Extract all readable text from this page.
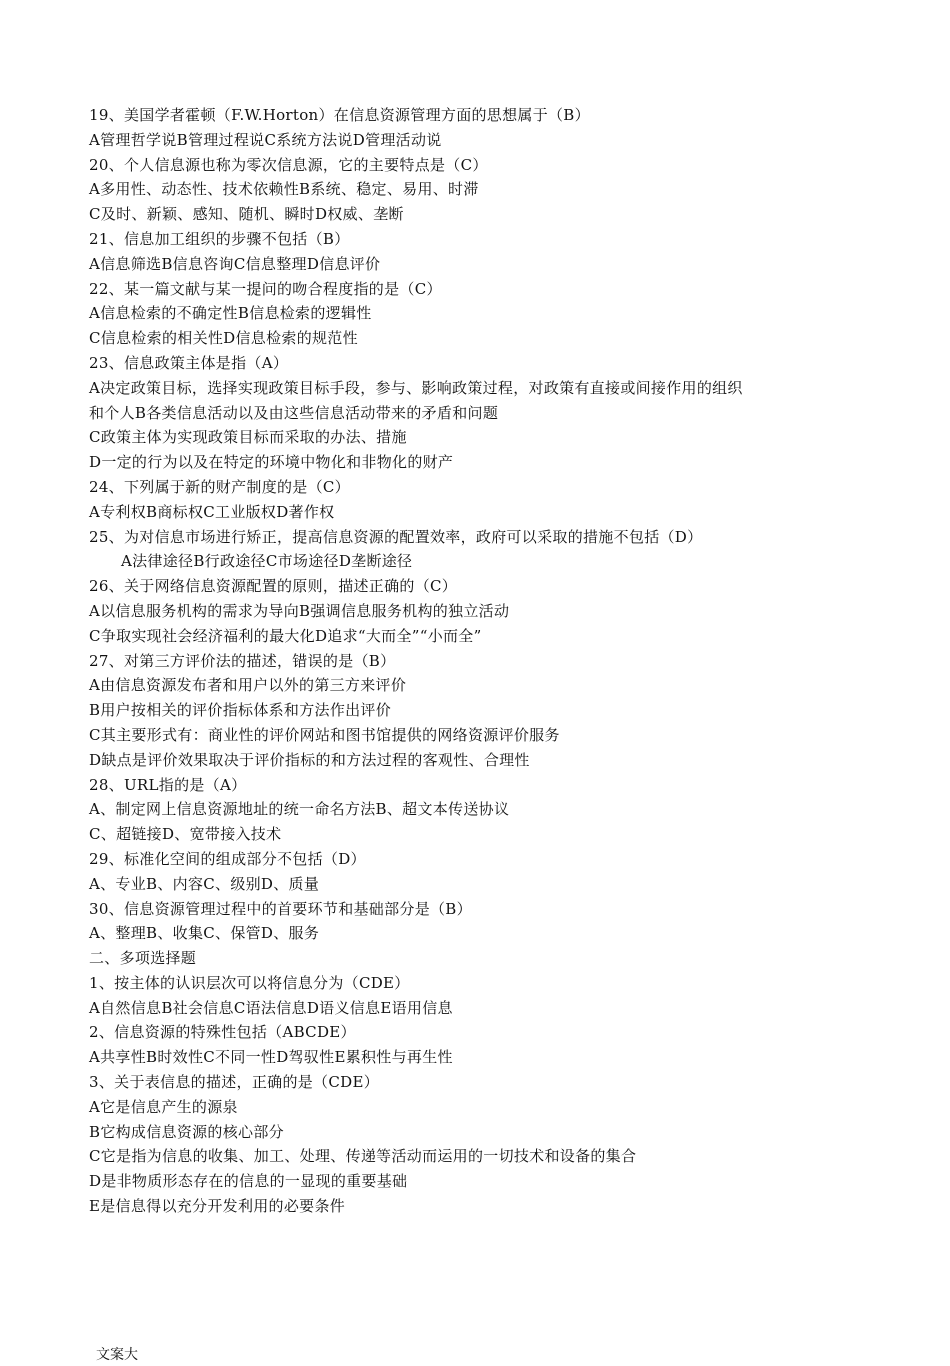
19、美国学者霍顿（F.W.Horton）在信息资源管理方面的思想属于（B）
A管理哲学说B管理过程说C系统方法说D管理活动说
20、个人信息源也称为零次信息源，它的主要特点是（C）
A多用性、动态性、技术依赖性B系统、稳定、易用、时滞
C及时、新颖、感知、随机、瞬时D权威、垄断
21、信息加工组织的步骤不包括（B）
A信息筛选B信息咨询C信息整理D信息评价
22、某一篇文献与某一提问的吻合程度指的是（C）
A信息检索的不确定性B信息检索的逻辑性
C信息检索的相关性D信息检索的规范性
23、信息政策主体是指（A）
A决定政策目标，选择实现政策目标手段，参与、影响政策过程，对政策有直接或间接作用的组织
和个人B各类信息活动以及由这些信息活动带来的矛盾和问题
C政策主体为实现政策目标而采取的办法、措施
D一定的行为以及在特定的环境中物化和非物化的财产
24、下列属于新的财产制度的是（C）
A专利权B商标权C工业版权D著作权
25、为对信息市场进行矫正，提高信息资源的配置效率，政府可以采取的措施不包括（D）
A法律途径B行政途径C市场途径D垄断途径
26、关于网络信息资源配置的原则，描述正确的（C）
A以信息服务机构的需求为导向B强调信息服务机构的独立活动
C争取实现社会经济福利的最大化D追求“大而全”“小而全”
27、对第三方评价法的描述，错误的是（B）
A由信息资源发布者和用户以外的第三方来评价
B用户按相关的评价指标体系和方法作出评价
C其主要形式有：商业性的评价网站和图书馆提供的网络资源评价服务
D缺点是评价效果取决于评价指标的和方法过程的客观性、合理性
28、URL指的是（A）
A、制定网上信息资源地址的统一命名方法B、超文本传送协议
C、超链接D、宽带接入技术
29、标准化空间的组成部分不包括（D）
A、专业B、内容C、级别D、质量
30、信息资源管理过程中的首要环节和基础部分是（B）
A、整理B、收集C、保管D、服务
二、多项选择题
1、按主体的认识层次可以将信息分为（CDE）
A自然信息B社会信息C语法信息D语义信息E语用信息
2、信息资源的特殊性包括（ABCDE）
A共享性B时效性C不同一性D驾驭性E累积性与再生性
3、关于表信息的描述，正确的是（CDE）
A它是信息产生的源泉
B它构成信息资源的核心部分
C它是指为信息的收集、加工、处理、传递等活动而运用的一切技术和设备的集合
D是非物质形态存在的信息的一显现的重要基础
E是信息得以充分开发利用的必要条件
文案大
